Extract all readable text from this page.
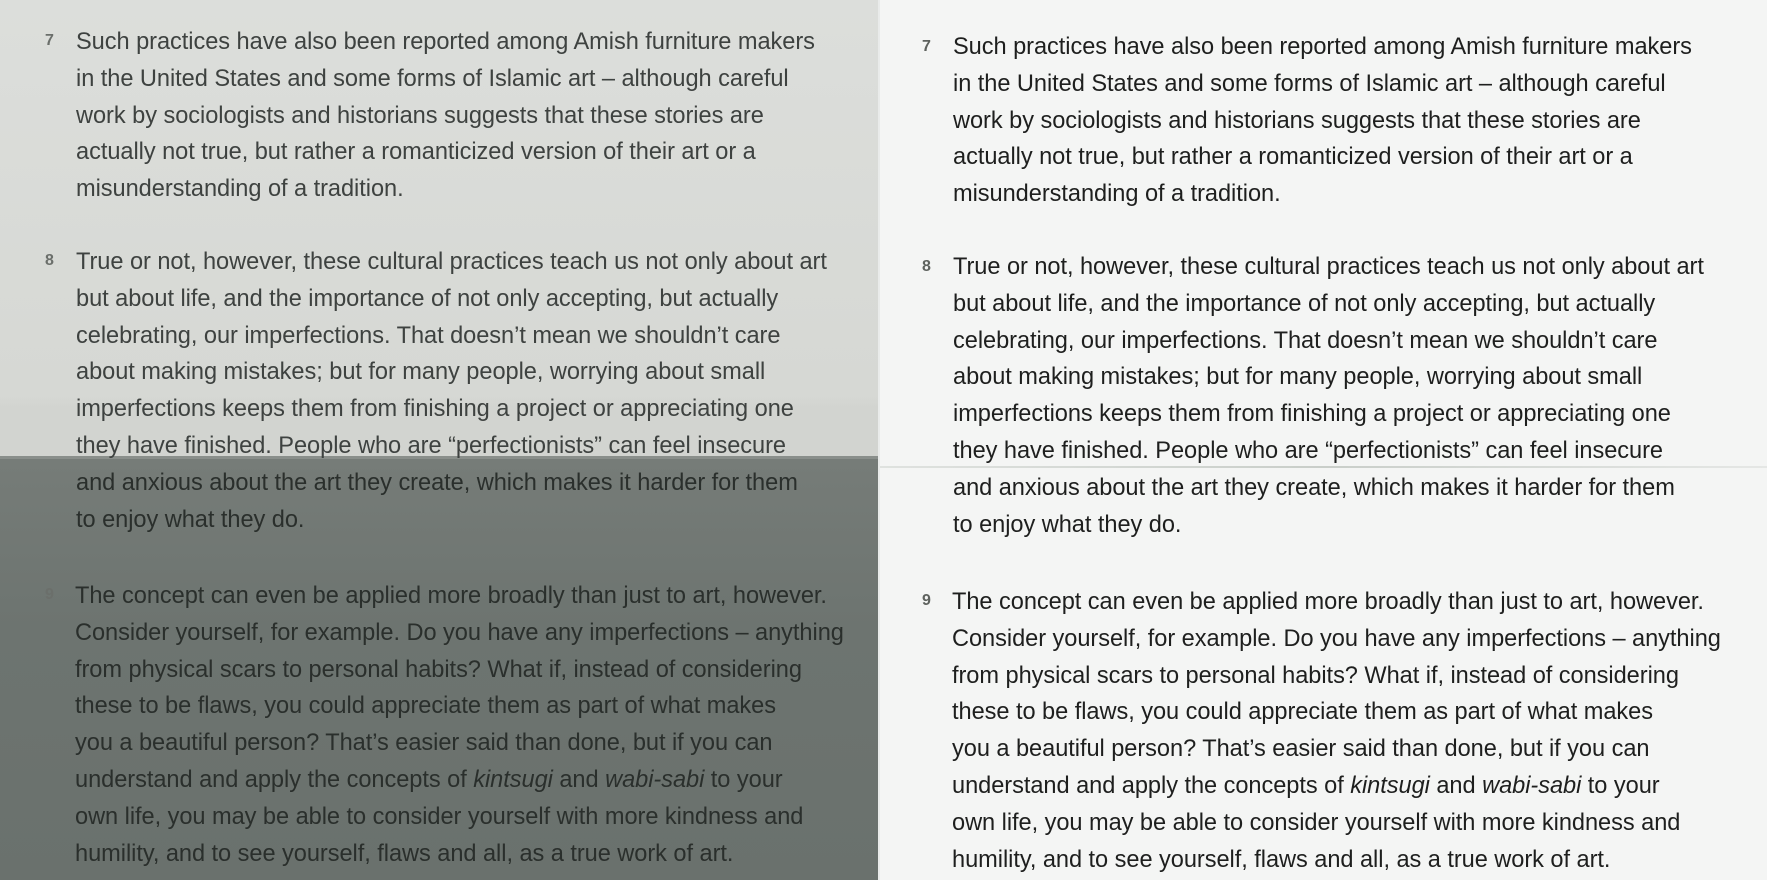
7 Such practices have also been reported among Amish furniture makers
in the United States and some forms of Islamic art – although careful
work by sociologists and historians suggests that these stories are
actually not true, but rather a romanticized version of their art or a
misunderstanding of a tradition.

8 True or not, however, these cultural practices teach us not only about art
but about life, and the importance of not only accepting, but actually
celebrating, our imperfections. That doesn’t mean we shouldn’t care
about making mistakes; but for many people, worrying about small
imperfections keeps them from finishing a project or appreciating one
they have finished. People who are “perfectionists” can feel insecure
and anxious about the art they create, which makes it harder for them
to enjoy what they do.

9 The concept can even be applied more broadly than just to art, however.
Consider yourself, for example. Do you have any imperfections – anything
from physical scars to personal habits? What if, instead of considering
these to be flaws, you could appreciate them as part of what makes
you a beautiful person? That’s easier said than done, but if you can
understand and apply the concepts of kintsugi and wabi-sabi to your
own life, you may be able to consider yourself with more kindness and
humility, and to see yourself, flaws and all, as a true work of art.

7 Such practices have also been reported among Amish furniture makers
in the United States and some forms of Islamic art – although careful
work by sociologists and historians suggests that these stories are
actually not true, but rather a romanticized version of their art or a
misunderstanding of a tradition.

8 True or not, however, these cultural practices teach us not only about art
but about life, and the importance of not only accepting, but actually
celebrating, our imperfections. That doesn’t mean we shouldn’t care
about making mistakes; but for many people, worrying about small
imperfections keeps them from finishing a project or appreciating one
they have finished. People who are “perfectionists” can feel insecure
and anxious about the art they create, which makes it harder for them
to enjoy what they do.

9 The concept can even be applied more broadly than just to art, however.
Consider yourself, for example. Do you have any imperfections – anything
from physical scars to personal habits? What if, instead of considering
these to be flaws, you could appreciate them as part of what makes
you a beautiful person? That’s easier said than done, but if you can
understand and apply the concepts of kintsugi and wabi-sabi to your
own life, you may be able to consider yourself with more kindness and
humility, and to see yourself, flaws and all, as a true work of art.
